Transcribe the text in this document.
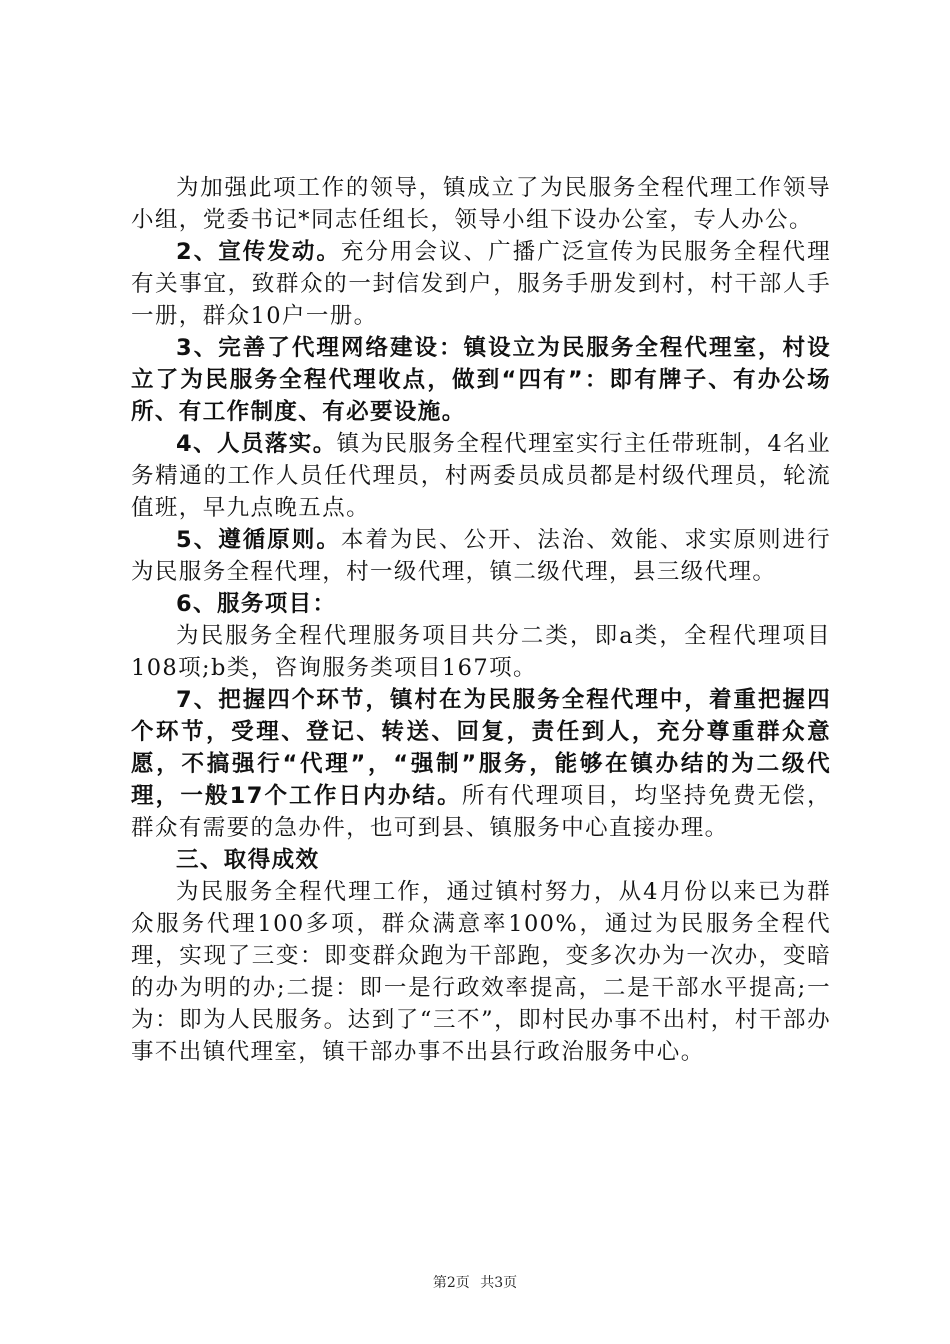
为加强此项工作的领导，镇成立了为民服务全程代理工作领导小组，党委书记*同志任组长，领导小组下设办公室，专人办公。

2、宣传发动。充分用会议、广播广泛宣传为民服务全程代理有关事宜，致群众的一封信发到户，服务手册发到村，村干部人手一册，群众10户一册。

3、完善了代理网络建设：镇设立为民服务全程代理室，村设立了为民服务全程代理收点，做到“四有”：即有牌子、有办公场所、有工作制度、有必要设施。

4、人员落实。镇为民服务全程代理室实行主任带班制，4名业务精通的工作人员任代理员，村两委员成员都是村级代理员，轮流值班，早九点晚五点。

5、遵循原则。本着为民、公开、法治、效能、求实原则进行为民服务全程代理，村一级代理，镇二级代理，县三级代理。

6、服务项目：

为民服务全程代理服务项目共分二类，即a类，全程代理项目108项;b类，咨询服务类项目167项。

7、把握四个环节，镇村在为民服务全程代理中，着重把握四个环节，受理、登记、转送、回复，责任到人，充分尊重群众意愿，不搞强行“代理”，“强制”服务，能够在镇办结的为二级代理，一般17个工作日内办结。所有代理项目，均坚持免费无偿，群众有需要的急办件，也可到县、镇服务中心直接办理。

三、取得成效

为民服务全程代理工作，通过镇村努力，从4月份以来已为群众服务代理100多项，群众满意率100%，通过为民服务全程代理，实现了三变：即变群众跑为干部跑，变多次办为一次办，变暗的办为明的办;二提：即一是行政效率提高，二是干部水平提高;一为：即为人民服务。达到了“三不”，即村民办事不出村，村干部办事不出镇代理室，镇干部办事不出县行政治服务中心。

第2页 共3页
